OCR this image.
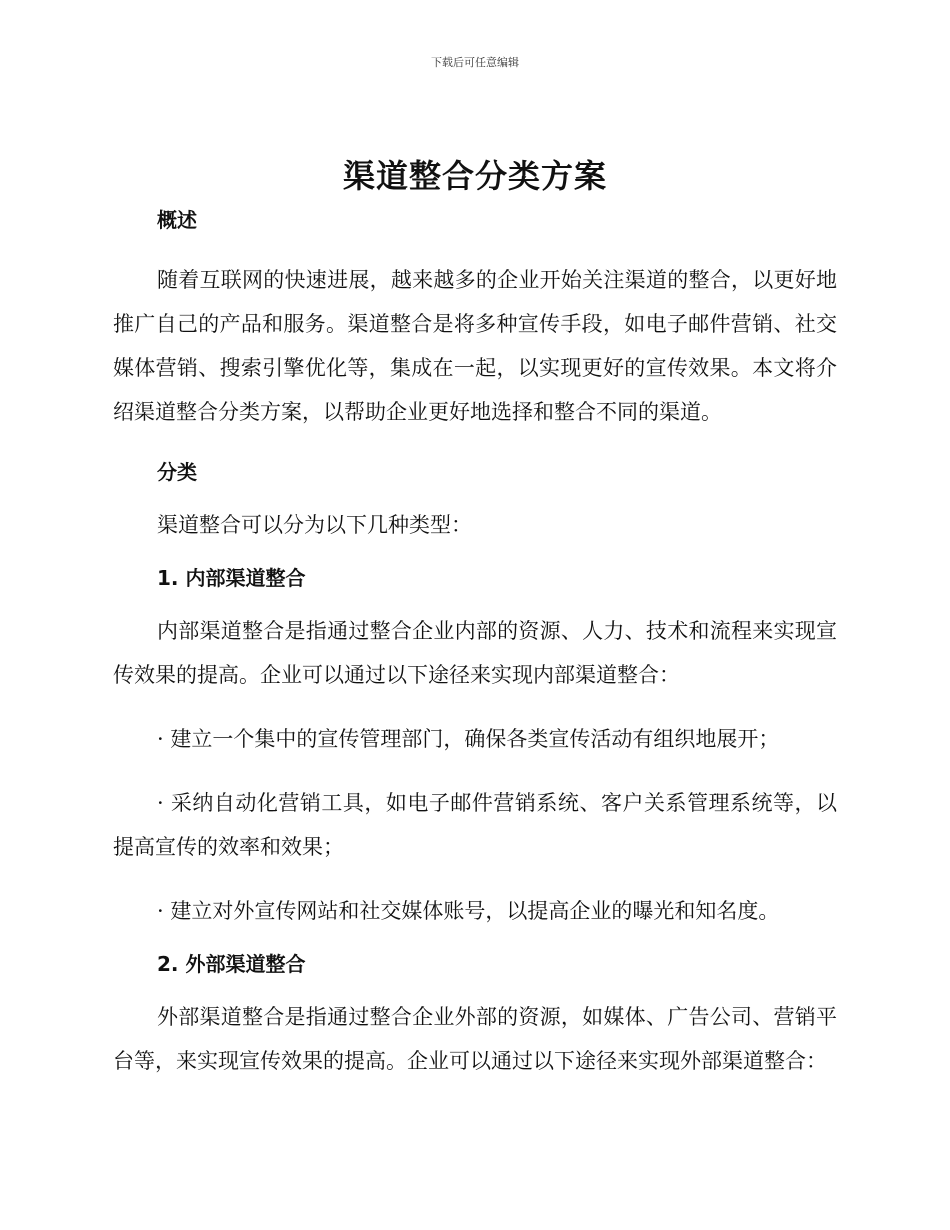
下载后可任意编辑
渠道整合分类方案
概述

随着互联网的快速进展，越来越多的企业开始关注渠道的整合，以更好地推广自己的产品和服务。渠道整合是将多种宣传手段，如电子邮件营销、社交媒体营销、搜索引擎优化等，集成在一起，以实现更好的宣传效果。本文将介绍渠道整合分类方案，以帮助企业更好地选择和整合不同的渠道。

分类

渠道整合可以分为以下几种类型：

1. 内部渠道整合

内部渠道整合是指通过整合企业内部的资源、人力、技术和流程来实现宣传效果的提高。企业可以通过以下途径来实现内部渠道整合：

· 建立一个集中的宣传管理部门，确保各类宣传活动有组织地展开；

· 采纳自动化营销工具，如电子邮件营销系统、客户关系管理系统等，以提高宣传的效率和效果；

· 建立对外宣传网站和社交媒体账号，以提高企业的曝光和知名度。

2. 外部渠道整合

外部渠道整合是指通过整合企业外部的资源，如媒体、广告公司、营销平台等，来实现宣传效果的提高。企业可以通过以下途径来实现外部渠道整合：
